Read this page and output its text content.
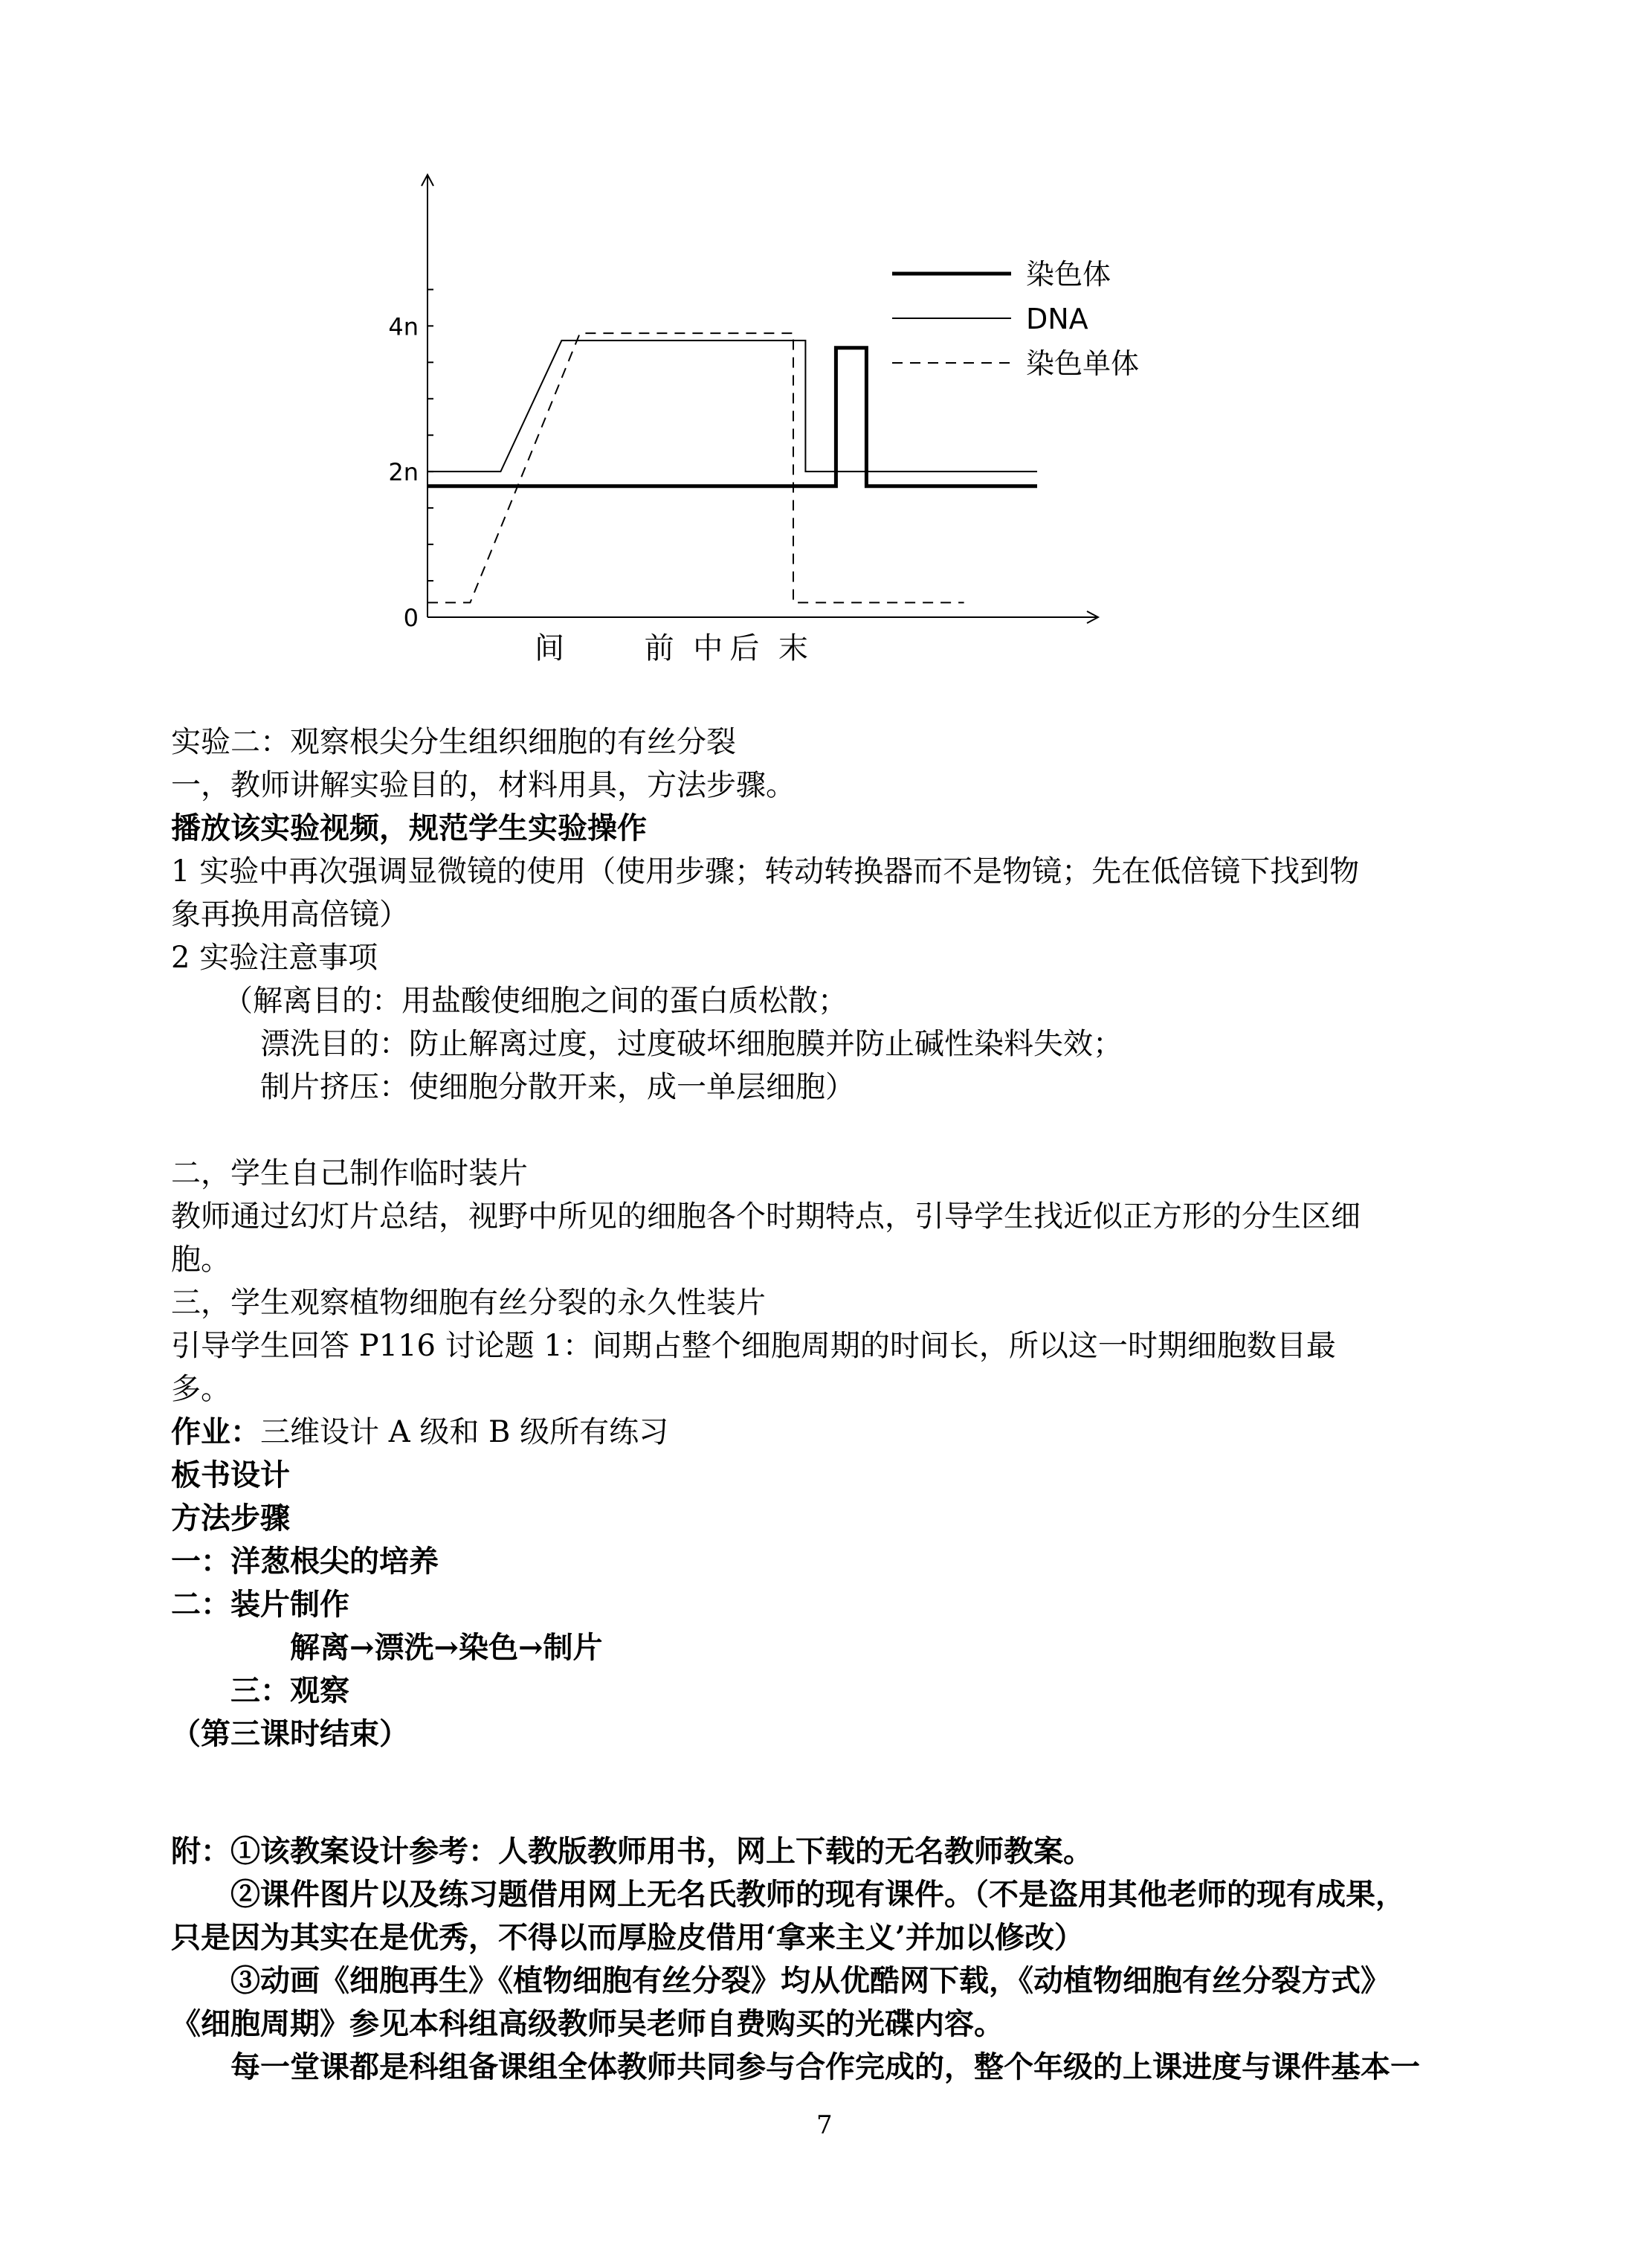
4n
2n
0
间	前 中 后 末
染色体
DNA
染色单体
实验二：观察根尖分生组织细胞的有丝分裂
一，教师讲解实验目的，材料用具，方法步骤。
播放该实验视频，规范学生实验操作
1 实验中再次强调显微镜的使用（使用步骤；转动转换器而不是物镜；先在低倍镜下找到物
象再换用高倍镜）
2 实验注意事项
（解离目的：用盐酸使细胞之间的蛋白质松散；
漂洗目的：防止解离过度，过度破坏细胞膜并防止碱性染料失效；
制片挤压：使细胞分散开来，成一单层细胞）
二，学生自己制作临时装片
教师通过幻灯片总结，视野中所见的细胞各个时期特点，引导学生找近似正方形的分生区细
胞。
三，学生观察植物细胞有丝分裂的永久性装片
引导学生回答 P116 讨论题 1：间期占整个细胞周期的时间长，所以这一时期细胞数目最
多。
作业：三维设计 A 级和 B 级所有练习
板书设计
方法步骤
一：洋葱根尖的培养
二：装片制作
解离→漂洗→染色→制片
三：观察
（第三课时结束）
附：①该教案设计参考：人教版教师用书，网上下载的无名教师教案。
②课件图片以及练习题借用网上无名氏教师的现有课件。（不是盗用其他老师的现有成果，
只是因为其实在是优秀，不得以而厚脸皮借用‘拿来主义’并加以修改）
③动画《细胞再生》《植物细胞有丝分裂》均从优酷网下载，《动植物细胞有丝分裂方式》
《细胞周期》参见本科组高级教师吴老师自费购买的光碟内容。
每一堂课都是科组备课组全体教师共同参与合作完成的，整个年级的上课进度与课件基本一
7
